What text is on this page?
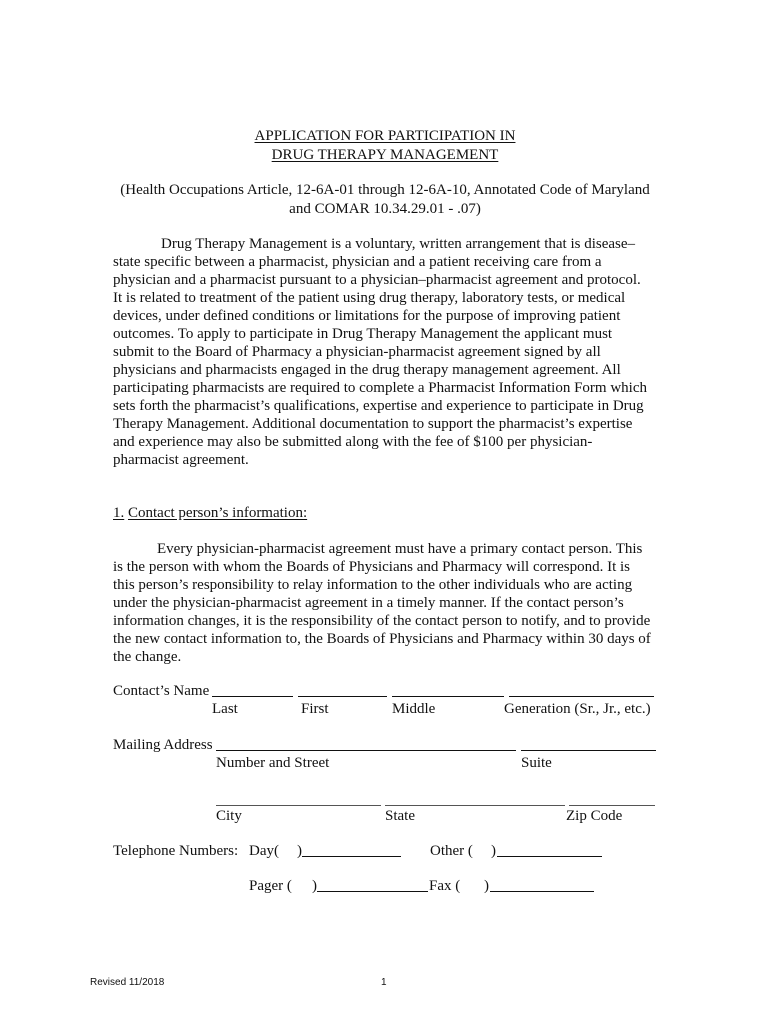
APPLICATION FOR PARTICIPATION IN
DRUG THERAPY MANAGEMENT
(Health Occupations Article, 12-6A-01 through 12-6A-10, Annotated Code of Maryland
and COMAR 10.34.29.01 - .07)
Drug Therapy Management is a voluntary, written arrangement that is disease–
state specific between a pharmacist, physician and a patient receiving care from a
physician and a pharmacist pursuant to a physician–pharmacist agreement and protocol.
It is related to treatment of the patient using drug therapy, laboratory tests, or medical
devices, under defined conditions or limitations for the purpose of improving patient
outcomes. To apply to participate in Drug Therapy Management the applicant must
submit to the Board of Pharmacy a physician-pharmacist agreement signed by all
physicians and pharmacists engaged in the drug therapy management agreement. All
participating pharmacists are required to complete a Pharmacist Information Form which
sets forth the pharmacist’s qualifications, expertise and experience to participate in Drug
Therapy Management. Additional documentation to support the pharmacist’s expertise
and experience may also be submitted along with the fee of $100 per physician-
pharmacist agreement.
1. Contact person’s information:
Every physician-pharmacist agreement must have a primary contact person. This
is the person with whom the Boards of Physicians and Pharmacy will correspond. It is
this person’s responsibility to relay information to the other individuals who are acting
under the physician-pharmacist agreement in a timely manner. If the contact person’s
information changes, it is the responsibility of the contact person to notify, and to provide
the new contact information to, the Boards of Physicians and Pharmacy within 30 days of
the change.
Contact’s Name
Last	First	Middle	Generation (Sr., Jr., etc.)
Mailing Address
Number and Street	Suite
City	State	Zip Code
Telephone Numbers: Day( )	Other ( )
Pager ( )	Fax ( )
Revised 11/2018	1
